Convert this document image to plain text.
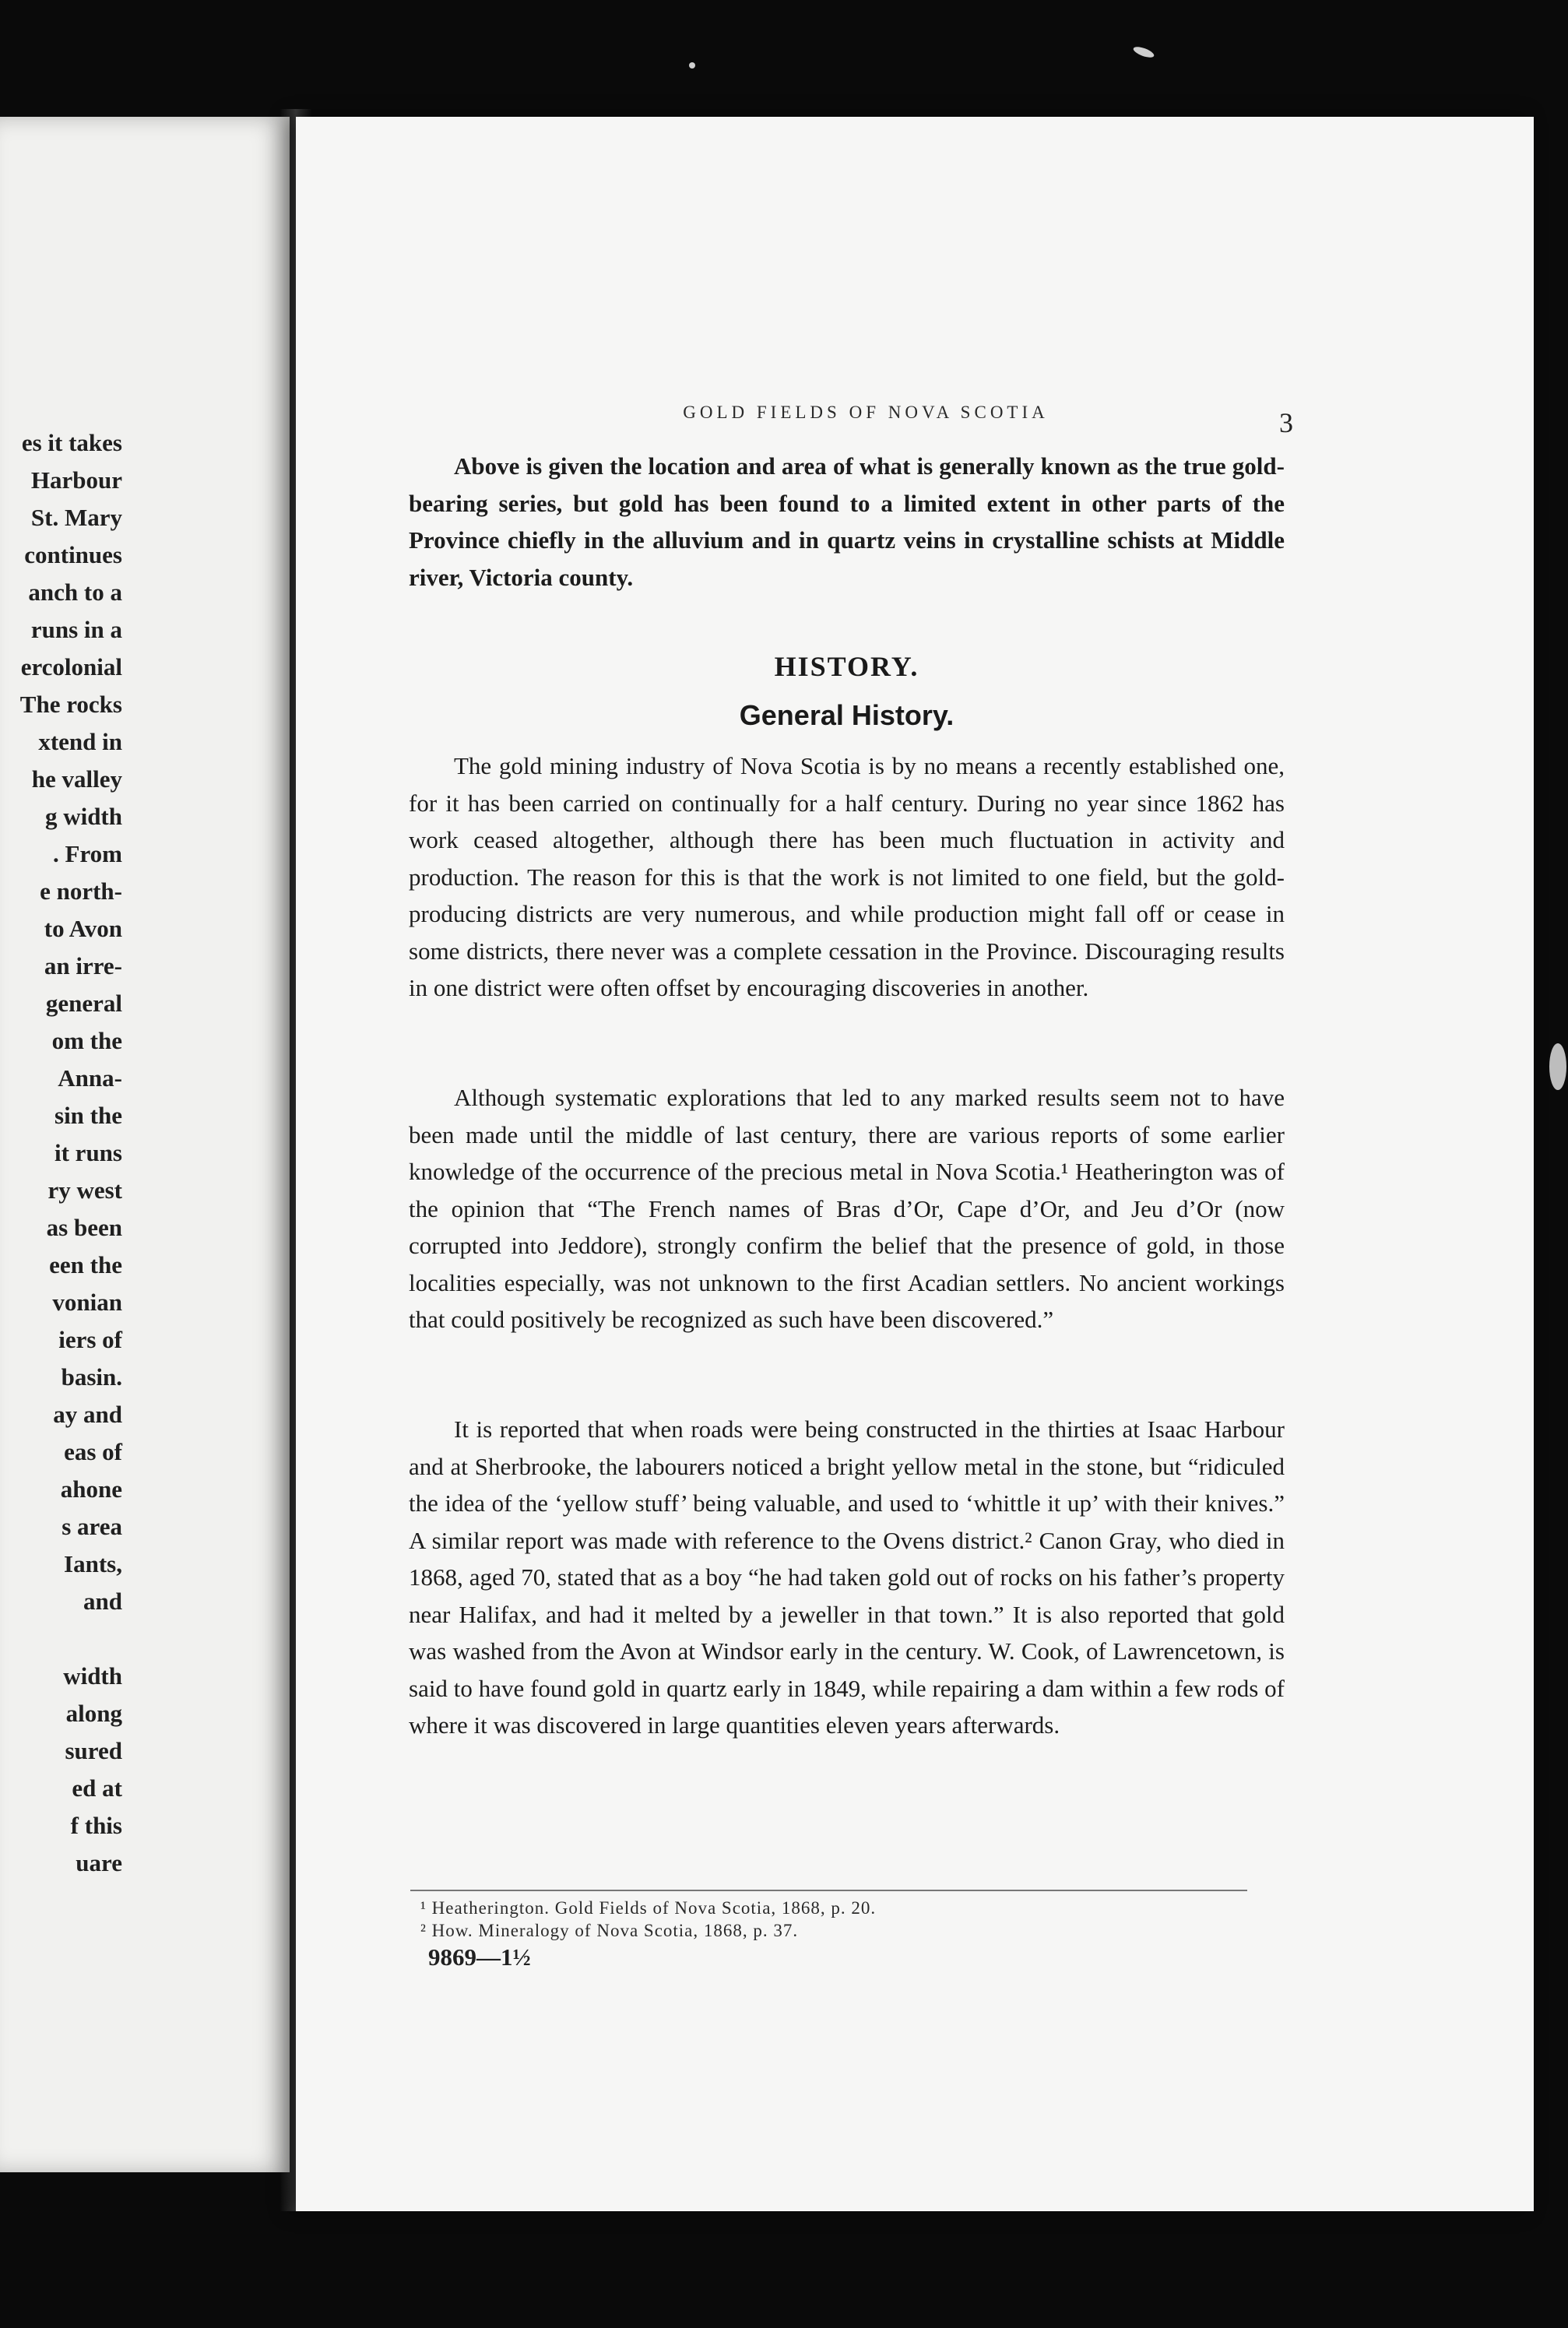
es it takes
Harbour
St. Mary
continues
anch to a
runs in a
ercolonial
The rocks
xtend in
he valley
g width
. From
e north-
to Avon
an irre-
general
om the
Anna-
sin the
it runs
ry west
as been
een the
vonian
iers of
basin.
ay and
eas of
ahone
s area
Iants,
and
width
along
sured
ed at
f this
uare
GOLD FIELDS OF NOVA SCOTIA	3
Above is given the location and area of what is generally known as the true gold-bearing series, but gold has been found to a limited extent in other parts of the Province chiefly in the alluvium and in quartz veins in crystalline schists at Middle river, Victoria county.
HISTORY.
General History.
The gold mining industry of Nova Scotia is by no means a recently established one, for it has been carried on continually for a half century. During no year since 1862 has work ceased altogether, although there has been much fluctuation in activity and production. The reason for this is that the work is not limited to one field, but the gold-producing districts are very numerous, and while production might fall off or cease in some districts, there never was a complete cessation in the Province. Discouraging results in one district were often offset by encouraging discoveries in another.
Although systematic explorations that led to any marked results seem not to have been made until the middle of last century, there are various reports of some earlier knowledge of the occurrence of the precious metal in Nova Scotia.¹ Heatherington was of the opinion that “The French names of Bras d’Or, Cape d’Or, and Jeu d’Or (now corrupted into Jeddore), strongly confirm the belief that the presence of gold, in those localities especially, was not unknown to the first Acadian settlers. No ancient workings that could positively be recognized as such have been discovered.”
It is reported that when roads were being constructed in the thirties at Isaac Harbour and at Sherbrooke, the labourers noticed a bright yellow metal in the stone, but “ridiculed the idea of the ‘yellow stuff’ being valuable, and used to ‘whittle it up’ with their knives.” A similar report was made with reference to the Ovens district.² Canon Gray, who died in 1868, aged 70, stated that as a boy “he had taken gold out of rocks on his father’s property near Halifax, and had it melted by a jeweller in that town.” It is also reported that gold was washed from the Avon at Windsor early in the century. W. Cook, of Lawrencetown, is said to have found gold in quartz early in 1849, while repairing a dam within a few rods of where it was discovered in large quantities eleven years afterwards.
¹ Heatherington. Gold Fields of Nova Scotia, 1868, p. 20.
² How. Mineralogy of Nova Scotia, 1868, p. 37.
9869—1½
